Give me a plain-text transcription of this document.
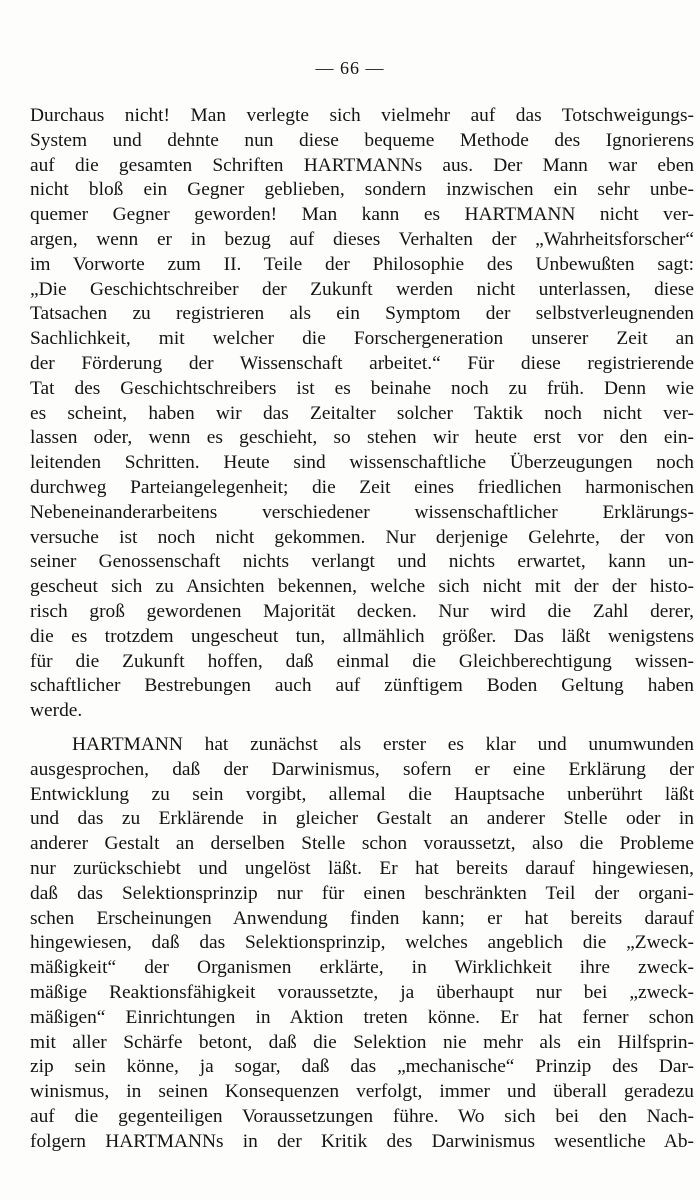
— 66 —
Durchaus nicht! Man verlegte sich vielmehr auf das Totschweigungs-
System und dehnte nun diese bequeme Methode des Ignorierens
auf die gesamten Schriften HARTMANNs aus. Der Mann war eben
nicht bloß ein Gegner geblieben, sondern inzwischen ein sehr unbe-
quemer Gegner geworden! Man kann es HARTMANN nicht ver-
argen, wenn er in bezug auf dieses Verhalten der „Wahrheitsforscher“
im Vorworte zum II. Teile der Philosophie des Unbewußten sagt:
„Die Geschichtschreiber der Zukunft werden nicht unterlassen, diese
Tatsachen zu registrieren als ein Symptom der selbstverleugnenden
Sachlichkeit, mit welcher die Forschergeneration unserer Zeit an
der Förderung der Wissenschaft arbeitet.“ Für diese registrierende
Tat des Geschichtschreibers ist es beinahe noch zu früh. Denn wie
es scheint, haben wir das Zeitalter solcher Taktik noch nicht ver-
lassen oder, wenn es geschieht, so stehen wir heute erst vor den ein-
leitenden Schritten. Heute sind wissenschaftliche Überzeugungen noch
durchweg Parteiangelegenheit; die Zeit eines friedlichen harmonischen
Nebeneinanderarbeitens verschiedener wissenschaftlicher Erklärungs-
versuche ist noch nicht gekommen. Nur derjenige Gelehrte, der von
seiner Genossenschaft nichts verlangt und nichts erwartet, kann un-
gescheut sich zu Ansichten bekennen, welche sich nicht mit der der histo-
risch groß gewordenen Majorität decken. Nur wird die Zahl derer,
die es trotzdem ungescheut tun, allmählich größer. Das läßt wenigstens
für die Zukunft hoffen, daß einmal die Gleichberechtigung wissen-
schaftlicher Bestrebungen auch auf zünftigem Boden Geltung haben
werde.
HARTMANN hat zunächst als erster es klar und unumwunden
ausgesprochen, daß der Darwinismus, sofern er eine Erklärung der
Entwicklung zu sein vorgibt, allemal die Hauptsache unberührt läßt
und das zu Erklärende in gleicher Gestalt an anderer Stelle oder in
anderer Gestalt an derselben Stelle schon voraussetzt, also die Probleme
nur zurückschiebt und ungelöst läßt. Er hat bereits darauf hingewiesen,
daß das Selektionsprinzip nur für einen beschränkten Teil der organi-
schen Erscheinungen Anwendung finden kann; er hat bereits darauf
hingewiesen, daß das Selektionsprinzip, welches angeblich die „Zweck-
mäßigkeit“ der Organismen erklärte, in Wirklichkeit ihre zweck-
mäßige Reaktionsfähigkeit voraussetzte, ja überhaupt nur bei „zweck-
mäßigen“ Einrichtungen in Aktion treten könne. Er hat ferner schon
mit aller Schärfe betont, daß die Selektion nie mehr als ein Hilfsprin-
zip sein könne, ja sogar, daß das „mechanische“ Prinzip des Dar-
winismus, in seinen Konsequenzen verfolgt, immer und überall geradezu
auf die gegenteiligen Voraussetzungen führe. Wo sich bei den Nach-
folgern HARTMANNs in der Kritik des Darwinismus wesentliche Ab-
